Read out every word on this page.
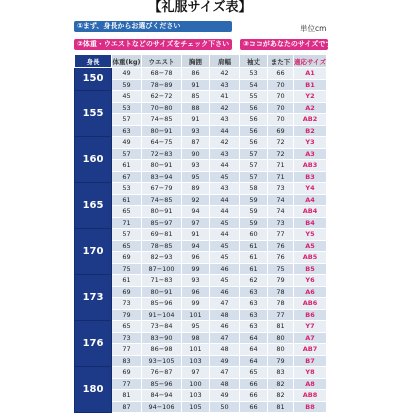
【礼服サイズ表】
①まず、身長からお選びください	単位cm
②体重・ウエストなどのサイズをチェック下さい	③ココがあなたのサイズです
身長	体重(kg)	ウエスト	胸囲	肩幅	袖丈	また下	適応サイズ
150	49	68−78	86	42	53	66	A1
	59	78−89	91	43	54	70	B1
155	45	62−72	85	41	55	70	Y2
	53	70−80	88	42	56	70	A2
	57	74−85	91	43	56	70	AB2
	63	80−91	93	44	56	69	B2
160	49	64−75	87	42	56	72	Y3
	57	72−83	90	43	57	72	A3
	61	80−91	93	44	57	71	AB3
	67	83−94	95	45	57	71	B3
165	53	67−79	89	43	58	73	Y4
	61	74−85	92	44	59	74	A4
	65	80−91	94	44	59	74	AB4
	71	85−97	97	45	59	73	B4
170	57	69−81	91	44	60	77	Y5
	65	78−85	94	45	61	76	A5
	69	82−93	96	45	61	76	AB5
	75	87−100	99	46	61	75	B5
173	61	71−83	93	45	62	79	Y6
	69	80−91	96	46	63	78	A6
	73	85−96	99	47	63	78	AB6
	79	91−104	101	48	63	77	B6
176	65	73−84	95	46	63	81	Y7
	73	83−90	98	47	64	80	A7
	77	86−98	101	48	64	80	AB7
	83	93−105	103	49	64	79	B7
180	69	76−87	97	47	65	83	Y8
	77	85−96	100	48	66	82	A8
	81	84−94	103	49	66	82	AB8
	87	94−106	105	50	66	81	B8
